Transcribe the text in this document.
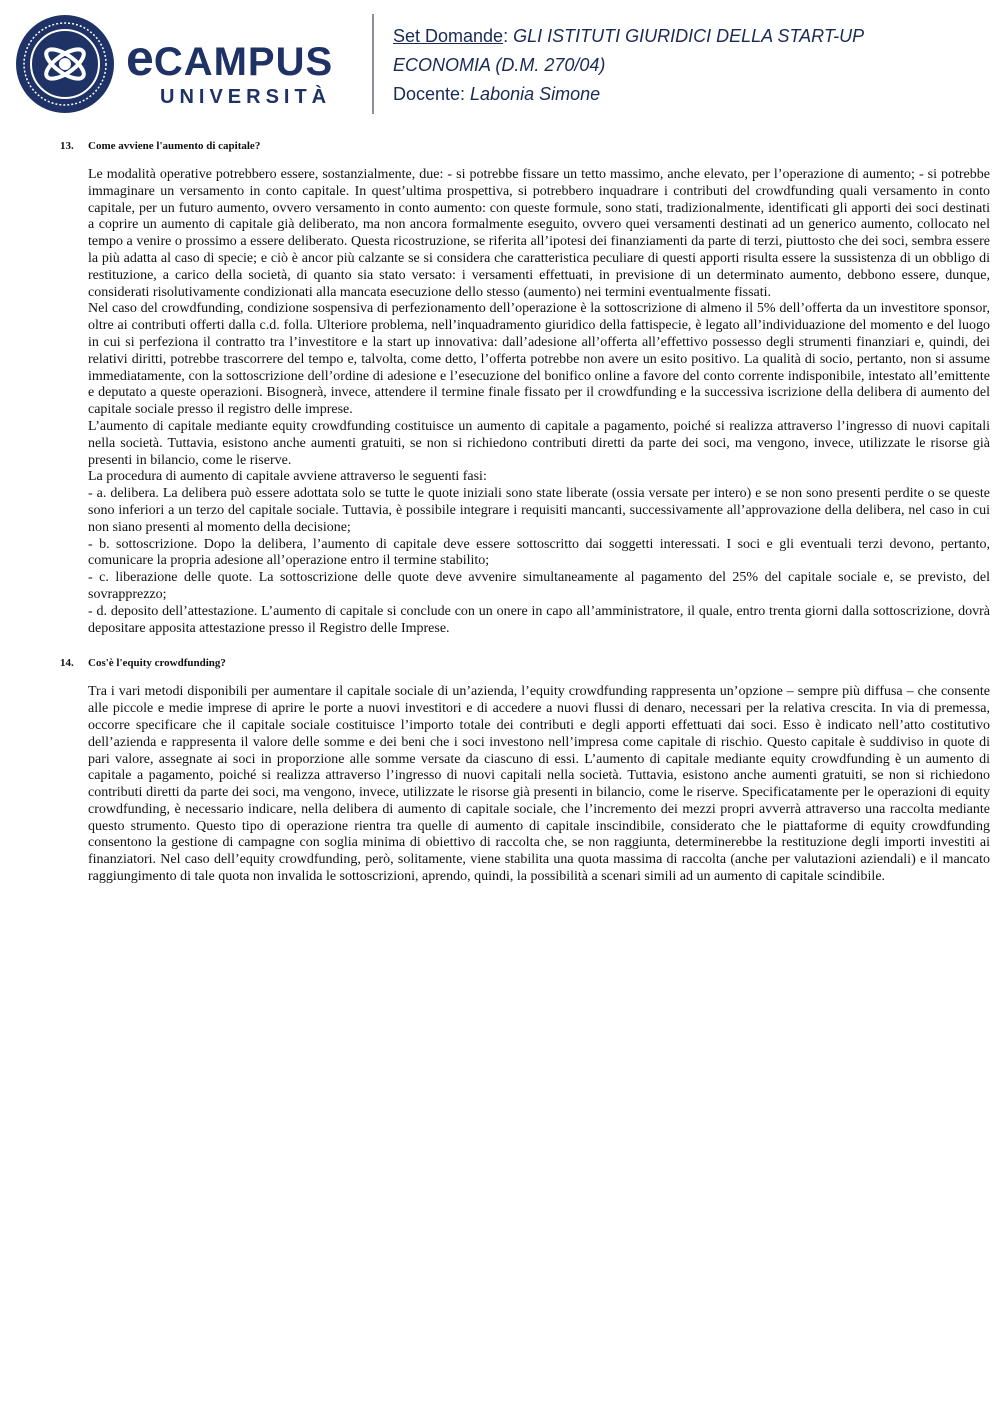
eCAMPUS
UNIVERSITÀ
Set Domande: GLI ISTITUTI GIURIDICI DELLA START-UP
ECONOMIA (D.M. 270/04)
Docente: Labonia Simone
13. Come avviene l'aumento di capitale?

Le modalità operative potrebbero essere, sostanzialmente, due: - si potrebbe fissare un tetto massimo, anche elevato, per l’operazione di aumento; - si potrebbe immaginare un versamento in conto capitale. In quest’ultima prospettiva, si potrebbero inquadrare i contributi del crowdfunding quali versamento in conto capitale, per un futuro aumento, ovvero versamento in conto aumento: con queste formule, sono stati, tradizionalmente, identificati gli apporti dei soci destinati a coprire un aumento di capitale già deliberato, ma non ancora formalmente eseguito, ovvero quei versamenti destinati ad un generico aumento, collocato nel tempo a venire o prossimo a essere deliberato. Questa ricostruzione, se riferita all’ipotesi dei finanziamenti da parte di terzi, piuttosto che dei soci, sembra essere la più adatta al caso di specie; e ciò è ancor più calzante se si considera che caratteristica peculiare di questi apporti risulta essere la sussistenza di un obbligo di restituzione, a carico della società, di quanto sia stato versato: i versamenti effettuati, in previsione di un determinato aumento, debbono essere, dunque, considerati risolutivamente condizionati alla mancata esecuzione dello stesso (aumento) nei termini eventualmente fissati.

Nel caso del crowdfunding, condizione sospensiva di perfezionamento dell’operazione è la sottoscrizione di almeno il 5% dell’offerta da un investitore sponsor, oltre ai contributi offerti dalla c.d. folla. Ulteriore problema, nell’inquadramento giuridico della fattispecie, è legato all’individuazione del momento e del luogo in cui si perfeziona il contratto tra l’investitore e la start up innovativa: dall’adesione all’offerta all’effettivo possesso degli strumenti finanziari e, quindi, dei relativi diritti, potrebbe trascorrere del tempo e, talvolta, come detto, l’offerta potrebbe non avere un esito positivo. La qualità di socio, pertanto, non si assume immediatamente, con la sottoscrizione dell’ordine di adesione e l’esecuzione del bonifico online a favore del conto corrente indisponibile, intestato all’emittente e deputato a queste operazioni. Bisognerà, invece, attendere il termine finale fissato per il crowdfunding e la successiva iscrizione della delibera di aumento del capitale sociale presso il registro delle imprese.

L’aumento di capitale mediante equity crowdfunding costituisce un aumento di capitale a pagamento, poiché si realizza attraverso l’ingresso di nuovi capitali nella società. Tuttavia, esistono anche aumenti gratuiti, se non si richiedono contributi diretti da parte dei soci, ma vengono, invece, utilizzate le risorse già presenti in bilancio, come le riserve.

La procedura di aumento di capitale avviene attraverso le seguenti fasi:

- a. delibera. La delibera può essere adottata solo se tutte le quote iniziali sono state liberate (ossia versate per intero) e se non sono presenti perdite o se queste sono inferiori a un terzo del capitale sociale. Tuttavia, è possibile integrare i requisiti mancanti, successivamente all’approvazione della delibera, nel caso in cui non siano presenti al momento della decisione;

- b. sottoscrizione. Dopo la delibera, l’aumento di capitale deve essere sottoscritto dai soggetti interessati. I soci e gli eventuali terzi devono, pertanto, comunicare la propria adesione all’operazione entro il termine stabilito;

- c. liberazione delle quote. La sottoscrizione delle quote deve avvenire simultaneamente al pagamento del 25% del capitale sociale e, se previsto, del sovrapprezzo;

- d. deposito dell’attestazione. L’aumento di capitale si conclude con un onere in capo all’amministratore, il quale, entro trenta giorni dalla sottoscrizione, dovrà depositare apposita attestazione presso il Registro delle Imprese.

14. Cos'è l'equity crowdfunding?

Tra i vari metodi disponibili per aumentare il capitale sociale di un’azienda, l’equity crowdfunding rappresenta un’opzione – sempre più diffusa – che consente alle piccole e medie imprese di aprire le porte a nuovi investitori e di accedere a nuovi flussi di denaro, necessari per la relativa crescita. In via di premessa, occorre specificare che il capitale sociale costituisce l’importo totale dei contributi e degli apporti effettuati dai soci. Esso è indicato nell’atto costitutivo dell’azienda e rappresenta il valore delle somme e dei beni che i soci investono nell’impresa come capitale di rischio. Questo capitale è suddiviso in quote di pari valore, assegnate ai soci in proporzione alle somme versate da ciascuno di essi. L’aumento di capitale mediante equity crowdfunding è un aumento di capitale a pagamento, poiché si realizza attraverso l’ingresso di nuovi capitali nella società. Tuttavia, esistono anche aumenti gratuiti, se non si richiedono contributi diretti da parte dei soci, ma vengono, invece, utilizzate le risorse già presenti in bilancio, come le riserve. Specificatamente per le operazioni di equity crowdfunding, è necessario indicare, nella delibera di aumento di capitale sociale, che l’incremento dei mezzi propri avverrà attraverso una raccolta mediante questo strumento. Questo tipo di operazione rientra tra quelle di aumento di capitale inscindibile, considerato che le piattaforme di equity crowdfunding consentono la gestione di campagne con soglia minima di obiettivo di raccolta che, se non raggiunta, determinerebbe la restituzione degli importi investiti ai finanziatori. Nel caso dell’equity crowdfunding, però, solitamente, viene stabilita una quota massima di raccolta (anche per valutazioni aziendali) e il mancato raggiungimento di tale quota non invalida le sottoscrizioni, aprendo, quindi, la possibilità a scenari simili ad un aumento di capitale scindibile.
